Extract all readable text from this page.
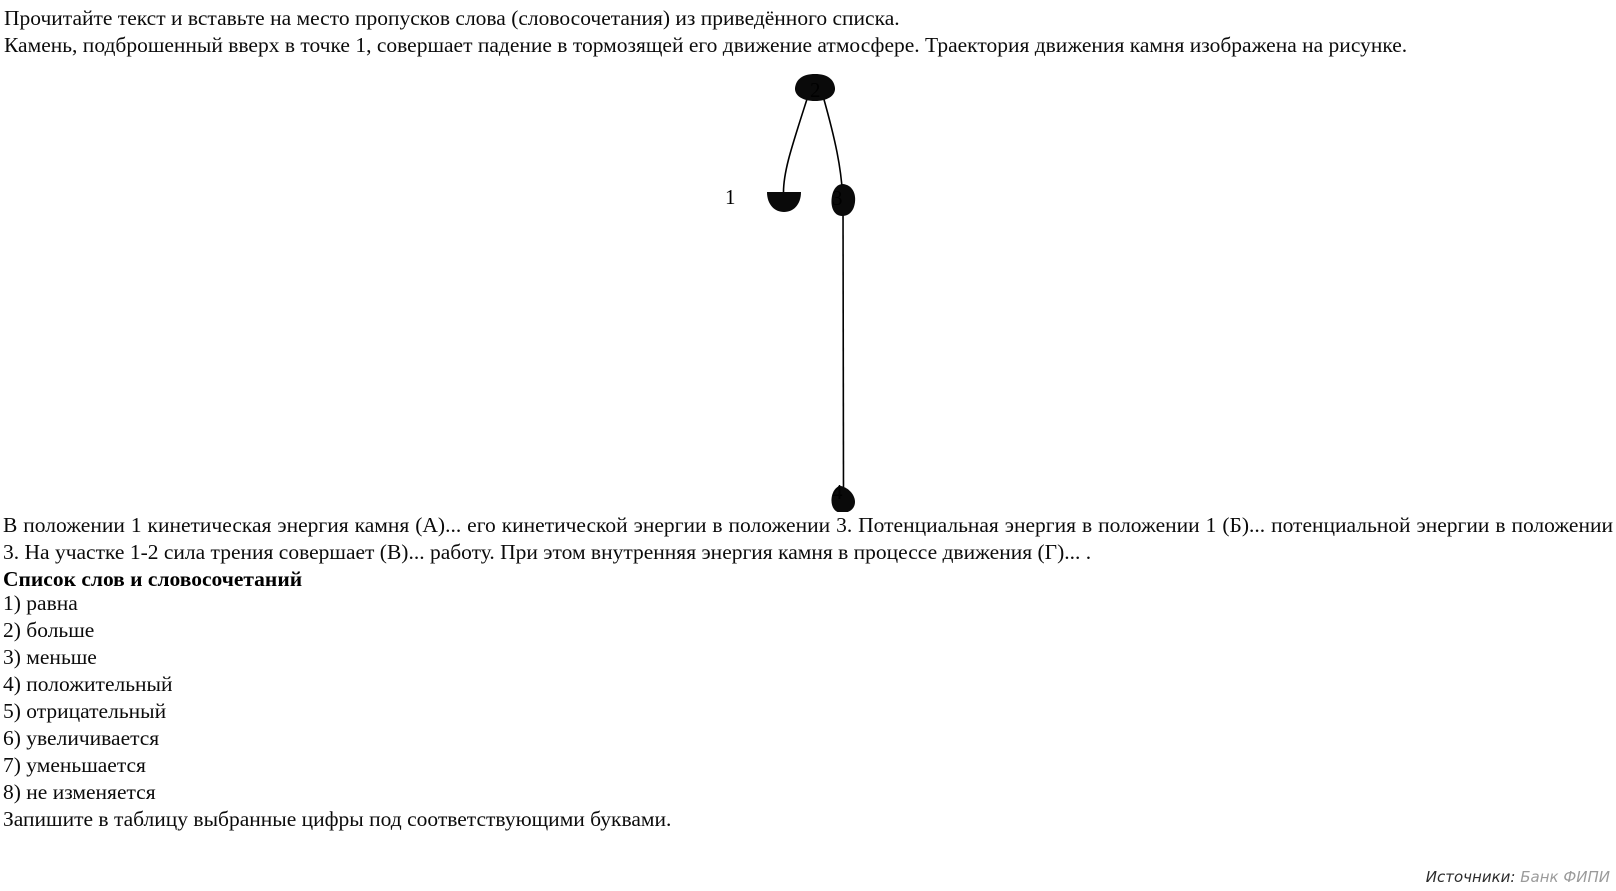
Прочитайте текст и вставьте на место пропусков слова (словосочетания) из приведённого списка.
Камень, подброшенный вверх в точке 1, совершает падение в тормозящей его движение атмосфере. Траектория движения камня изображена на рисунке.
1
2
3
4
В положении 1 кинетическая энергия камня (А)... его кинетической энергии в положении 3. Потенциальная энергия в положении 1 (Б)... потенциальной энергии в положении 3. На участке 1-2 сила трения совершает (В)... работу. При этом внутренняя энергия камня в процессе движения (Г)... .
Список слов и словосочетаний
1) равна
2) больше
3) меньше
4) положительный
5) отрицательный
6) увеличивается
7) уменьшается
8) не изменяется
Запишите в таблицу выбранные цифры под соответствующими буквами.
Источники: Банк ФИПИ
